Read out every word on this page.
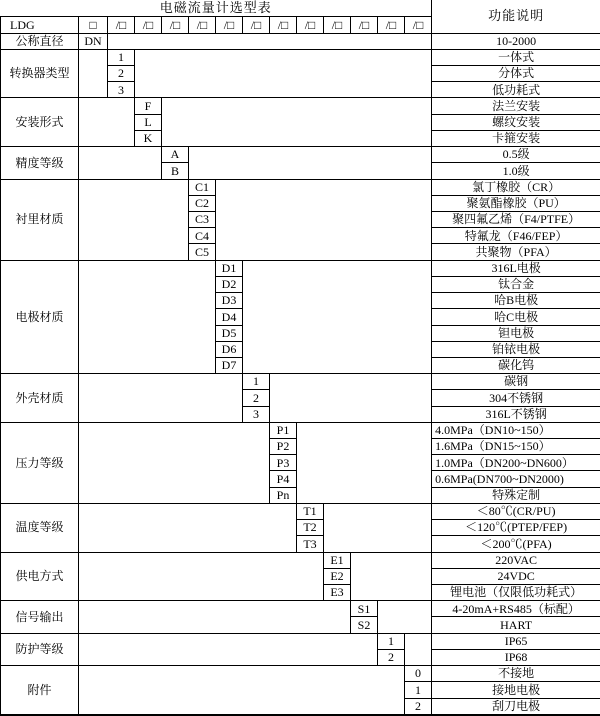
电磁流量计选型表														功能说明
LDG	□	/□	/□	/□	/□	/□	/□	/□	/□	/□	/□	/□	/□	
公称直径	DN													10-2000
转换器类型		1												一体式
		2												分体式
		3												低功耗式
安装形式			F											法兰安装
			L											螺纹安装
			K											卡箍安装
精度等级				A										0.5级
				B										1.0级
衬里材质					C1									氯丁橡胶（CR）
					C2									聚氨酯橡胶（PU）
					C3									聚四氟乙烯（F4/PTFE）
					C4									特氟龙（F46/FEP）
					C5									共聚物（PFA）
电极材质						D1								316L电极
						D2								钛合金
						D3								哈B电极
						D4								哈C电极
						D5								钽电极
						D6								铂铱电极
						D7								碳化钨
外壳材质							1							碳钢
							2							304不锈钢
							3							316L不锈钢
压力等级								P1						4.0MPa（DN10~150）
								P2						1.6MPa（DN15~150）
								P3						1.0MPa（DN200~DN600）
								P4						0.6MPa(DN700~DN2000)
								Pn						特殊定制
温度等级									T1					＜80℃(CR/PU)
									T2					＜120℃(PTEP/FEP)
									T3					＜200℃(PFA)
供电方式										E1				220VAC
										E2				24VDC
										E3				锂电池（仅限低功耗式）
信号输出											S1			4-20mA+RS485（标配）
											S2			HART
防护等级												1		IP65
												2		IP68
附件													0	不接地
													1	接地电极
													2	刮刀电极
